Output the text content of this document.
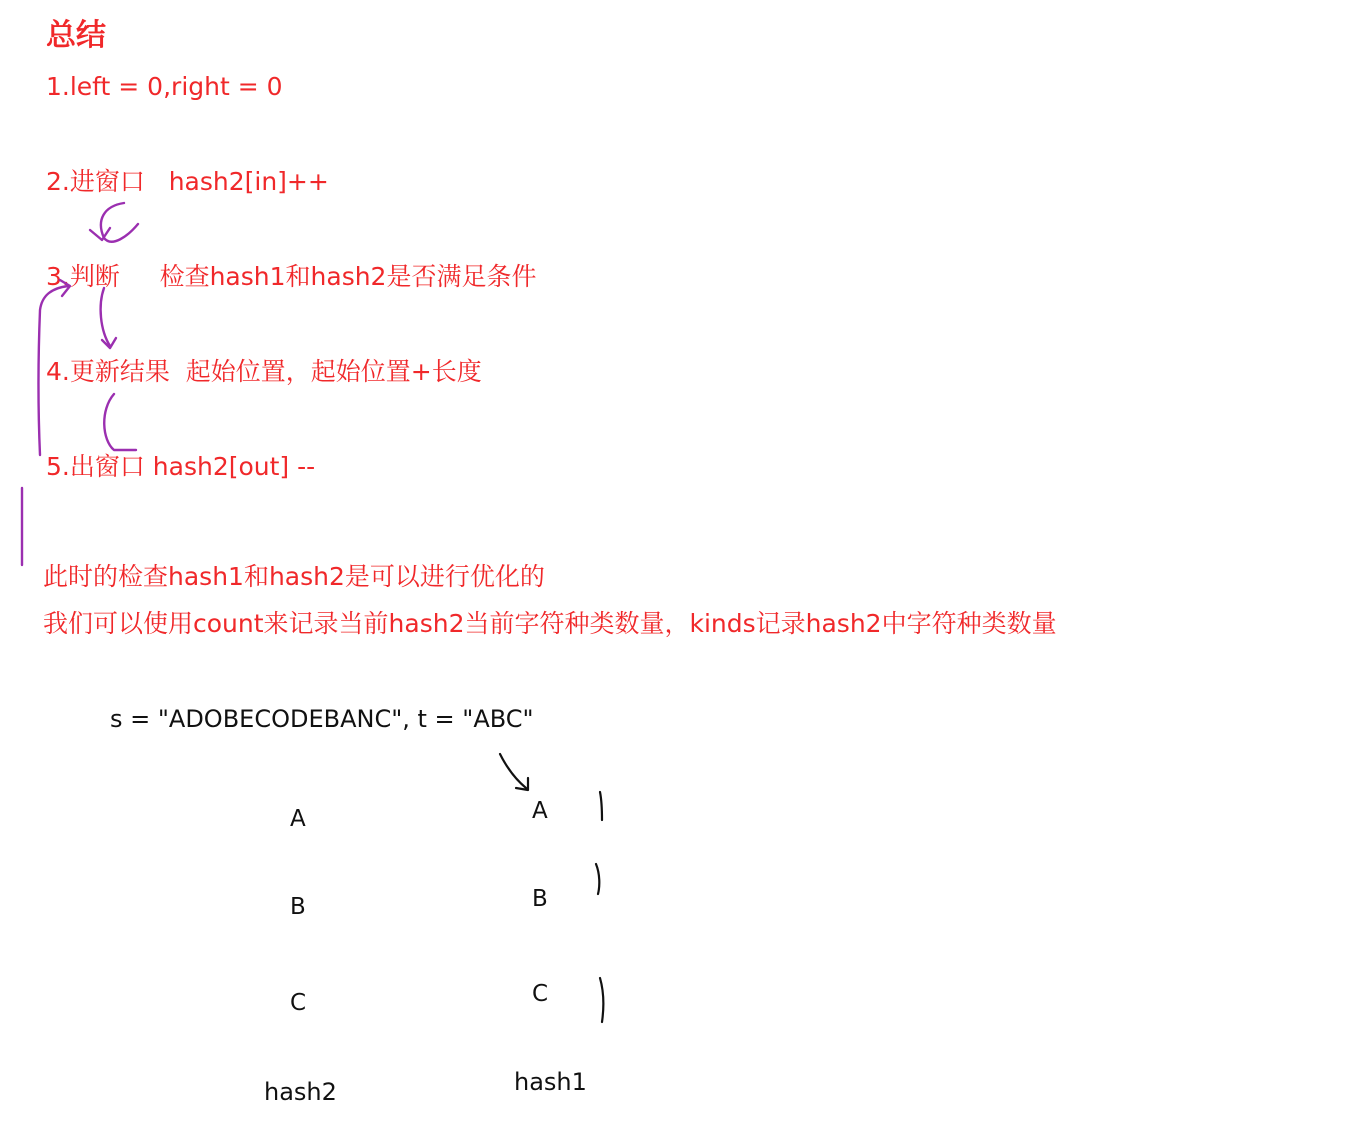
总结
1.left = 0,right = 0
2.进窗口   hash2[in]++
3.判断     检查hash1和hash2是否满足条件
4.更新结果  起始位置，起始位置+长度
5.出窗口 hash2[out] --
此时的检查hash1和hash2是可以进行优化的
我们可以使用count来记录当前hash2当前字符种类数量，kinds记录hash2中字符种类数量
s = "ADOBECODEBANC", t = "ABC"
A
B
C
hash2
A
B
C
hash1
